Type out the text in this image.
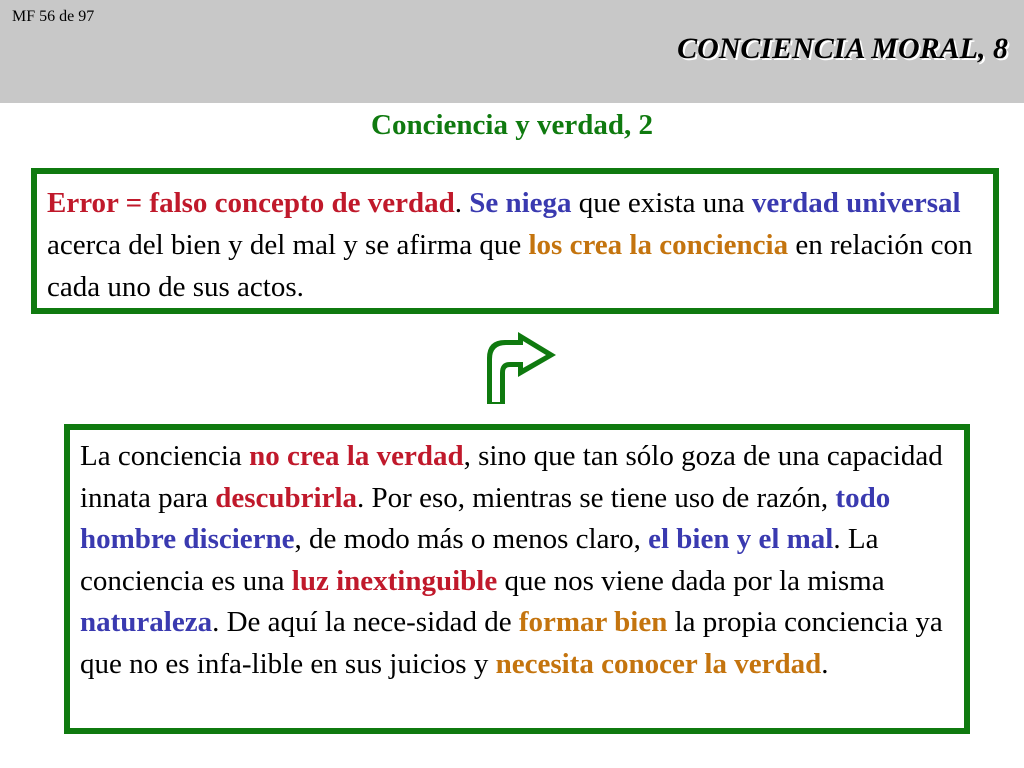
MF 56 de 97
CONCIENCIA MORAL, 8
Conciencia y verdad, 2
Error = falso concepto de verdad. Se niega que exista una verdad universal acerca del bien y del mal y se afirma que los crea la conciencia en relación con cada uno de sus actos.
La conciencia no crea la verdad, sino que tan sólo goza de una capacidad innata para descubrirla. Por eso, mientras se tiene uso de razón, todo hombre discierne, de modo más o menos claro, el bien y el mal. La conciencia es una luz inextinguible que nos viene dada por la misma naturaleza. De aquí la nece-sidad de formar bien la propia conciencia ya que no es infa-lible en sus juicios y necesita conocer la verdad.
